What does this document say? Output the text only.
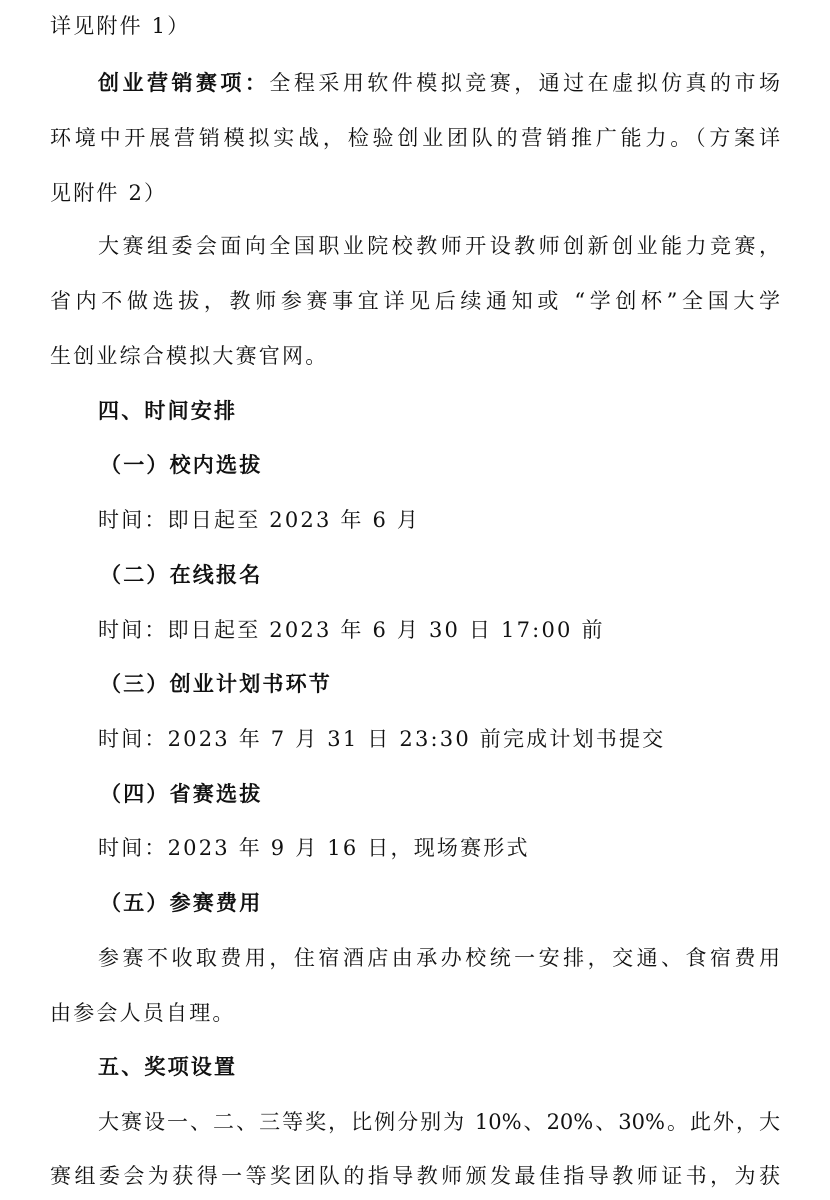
详见附件 1）
创业营销赛项：全程采用软件模拟竞赛，通过在虚拟仿真的市场
环境中开展营销模拟实战，检验创业团队的营销推广能力。（方案详
见附件 2）
大赛组委会面向全国职业院校教师开设教师创新创业能力竞赛，
省内不做选拔，教师参赛事宜详见后续通知或 “学创杯”全国大学
生创业综合模拟大赛官网。
四、时间安排
（一）校内选拔
时间：即日起至 2023 年 6 月
（二）在线报名
时间：即日起至 2023 年 6 月 30 日 17:00 前
（三）创业计划书环节
时间：2023 年 7 月 31 日 23:30 前完成计划书提交
（四）省赛选拔
时间：2023 年 9 月 16 日，现场赛形式
（五）参赛费用
参赛不收取费用，住宿酒店由承办校统一安排，交通、食宿费用
由参会人员自理。
五、奖项设置
大赛设一、二、三等奖，比例分别为 10%、20%、30%。此外，大
赛组委会为获得一等奖团队的指导教师颁发最佳指导教师证书，为获
